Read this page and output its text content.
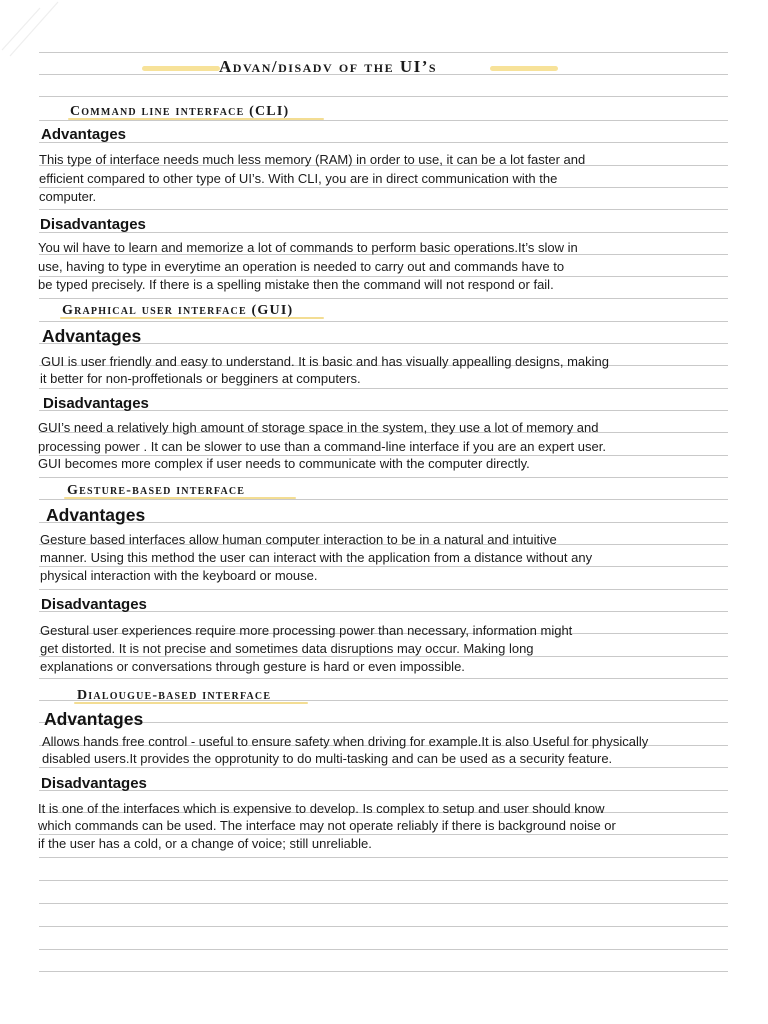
Advan/disadv of the UI’s
Command line interface (CLI)
Advantages

This type of interface needs much less memory (RAM) in order to use, it can be a lot faster and

efficient compared to other type of UI’s. With CLI, you are in direct communication with the

computer.

Disadvantages

You wil have to learn and memorize a lot of commands to perform basic operations.It’s slow in

use, having to type in everytime an operation is needed to carry out and commands have to

be typed precisely. If there is a spelling mistake then the command will not respond or fail.

Graphical user interface (GUI)
Advantages

GUI is user friendly and easy to understand. It is basic and has visually appealling designs, making

it better for non-proffetionals or begginers at computers.

Disadvantages

GUI’s need a relatively high amount of storage space in the system, they use a lot of memory and

processing power . It can be slower to use than a command-line interface if you are an expert user.

GUI becomes more complex if user needs to communicate with the computer directly.

Gesture-based interface
Advantages

Gesture based interfaces allow human computer interaction to be in a natural and intuitive

manner. Using this method the user can interact with the application from a distance without any

physical interaction with the keyboard or mouse.

Disadvantages

Gestural user experiences require more processing power than necessary, information might

get distorted. It is not precise and sometimes data disruptions may occur. Making long

explanations or conversations through gesture is hard or even impossible.

Dialougue-based interface
Advantages

Allows hands free control - useful to ensure safety when driving for example.It is also Useful for physically

disabled users.It provides the opprotunity to do multi-tasking and can be used as a security feature.

Disadvantages

It is one of the interfaces which is expensive to develop. Is complex to setup and user should know

which commands can be used. The interface may not operate reliably if there is background noise or

if the user has a cold, or a change of voice; still unreliable.
